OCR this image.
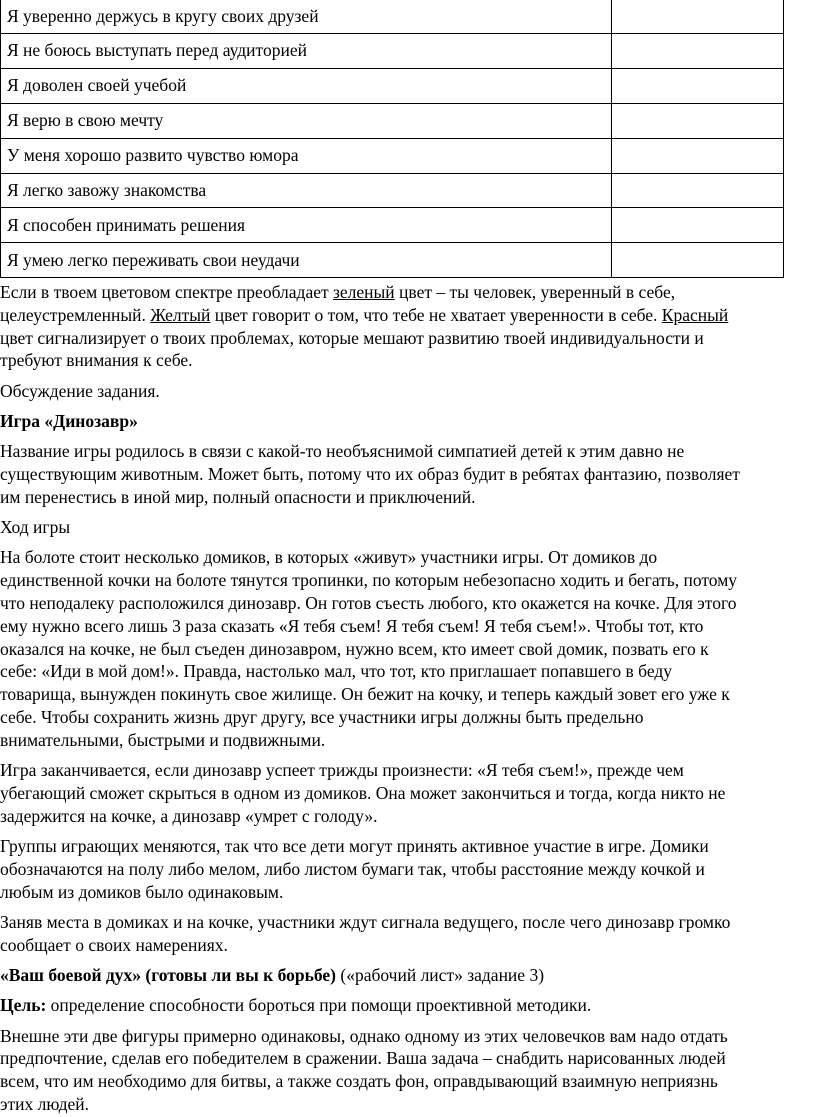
Я уверенно держусь в кругу своих друзей	
Я не боюсь выступать перед аудиторией	
Я доволен своей учебой	
Я верю в свою мечту	
У меня хорошо развито чувство юмора	
Я легко завожу знакомства	
Я способен принимать решения	
Я умею легко переживать свои неудачи	

Если в твоем цветовом спектре преобладает зеленый цвет – ты человек, уверенный в себе,
целеустремленный. Желтый цвет говорит о том, что тебе не хватает уверенности в себе. Красный
цвет сигнализирует о твоих проблемах, которые мешают развитию твоей индивидуальности и
требуют внимания к себе.

Обсуждение задания.

Игра «Динозавр»

Название игры родилось в связи с какой-то необъяснимой симпатией детей к этим давно не
существующим животным. Может быть, потому что их образ будит в ребятах фантазию, позволяет
им перенестись в иной мир, полный опасности и приключений.

Ход игры

На болоте стоит несколько домиков, в которых «живут» участники игры. От домиков до
единственной кочки на болоте тянутся тропинки, по которым небезопасно ходить и бегать, потому
что неподалеку расположился динозавр. Он готов съесть любого, кто окажется на кочке. Для этого
ему нужно всего лишь 3 раза сказать «Я тебя съем! Я тебя съем! Я тебя съем!». Чтобы тот, кто
оказался на кочке, не был съеден динозавром, нужно всем, кто имеет свой домик, позвать его к
себе: «Иди в мой дом!». Правда, настолько мал, что тот, кто приглашает попавшего в беду
товарища, вынужден покинуть свое жилище. Он бежит на кочку, и теперь каждый зовет его уже к
себе. Чтобы сохранить жизнь друг другу, все участники игры должны быть предельно
внимательными, быстрыми и подвижными.

Игра заканчивается, если динозавр успеет трижды произнести: «Я тебя съем!», прежде чем
убегающий сможет скрыться в одном из домиков. Она может закончиться и тогда, когда никто не
задержится на кочке, а динозавр «умрет с голоду».

Группы играющих меняются, так что все дети могут принять активное участие в игре. Домики
обозначаются на полу либо мелом, либо листом бумаги так, чтобы расстояние между кочкой и
любым из домиков было одинаковым.

Заняв места в домиках и на кочке, участники ждут сигнала ведущего, после чего динозавр громко
сообщает о своих намерениях.

«Ваш боевой дух» (готовы ли вы к борьбе) («рабочий лист» задание 3)

Цель: определение способности бороться при помощи проективной методики.

Внешне эти две фигуры примерно одинаковы, однако одному из этих человечков вам надо отдать
предпочтение, сделав его победителем в сражении. Ваша задача – снабдить нарисованных людей
всем, что им необходимо для битвы, а также создать фон, оправдывающий взаимную неприязнь
этих людей.
